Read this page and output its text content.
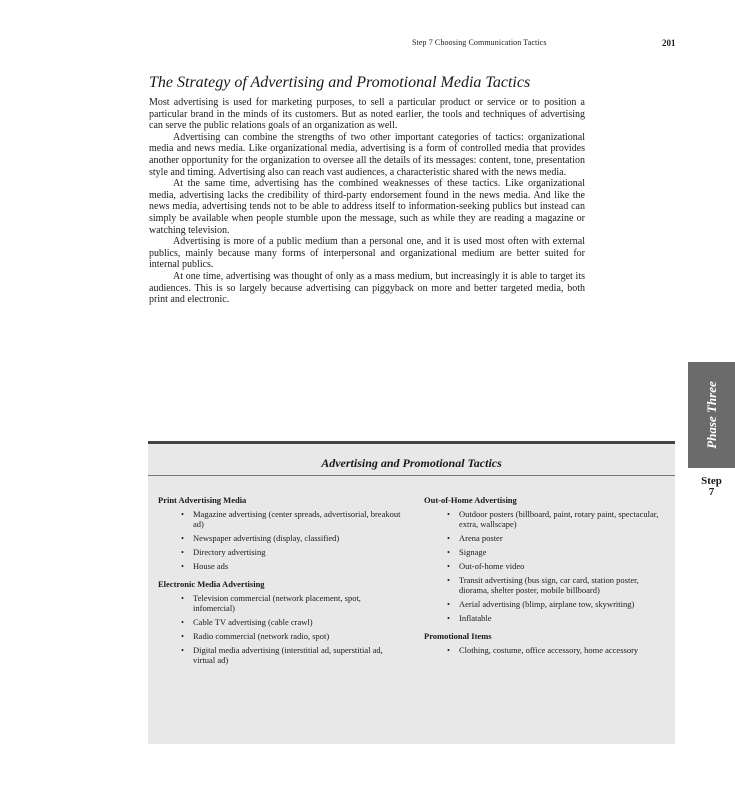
Step 7 Choosing Communication Tactics	201
The Strategy of Advertising and Promotional Media Tactics

Most advertising is used for marketing purposes, to sell a particular product or service or to position a particular brand in the minds of its customers. But as noted earlier, the tools and techniques of advertising can serve the public relations goals of an organization as well.

Advertising can combine the strengths of two other important categories of tactics: organizational media and news media. Like organizational media, advertising is a form of controlled media that provides another opportunity for the organization to oversee all the details of its messages: content, tone, presentation style and timing. Advertising also can reach vast audiences, a characteristic shared with the news media.

At the same time, advertising has the combined weaknesses of these tactics. Like organizational media, advertising lacks the credibility of third-party endorsement found in the news media. And like the news media, advertising tends not to be able to address itself to information-seeking publics but instead can simply be available when people stumble upon the message, such as while they are reading a magazine or watching television.

Advertising is more of a public medium than a personal one, and it is used most often with external publics, mainly because many forms of interpersonal and organizational medium are better suited for internal publics.

At one time, advertising was thought of only as a mass medium, but increasingly it is able to target its audiences. This is so largely because advertising can piggyback on more and better targeted media, both print and electronic.

Phase Three
Step
7
Advertising and Promotional Tactics
Print Advertising Media
• Magazine advertising (center spreads, advertisorial, breakout ad)
• Newspaper advertising (display, classified)
• Directory advertising
• House ads
Electronic Media Advertising
• Television commercial (network placement, spot, infomercial)
• Cable TV advertising (cable crawl)
• Radio commercial (network radio, spot)
• Digital media advertising (interstitial ad, superstitial ad, virtual ad)
Out-of-Home Advertising
• Outdoor posters (billboard, paint, rotary paint, spectacular, extra, wallscape)
• Arena poster
• Signage
• Out-of-home video
• Transit advertising (bus sign, car card, station poster, diorama, shelter poster, mobile billboard)
• Aerial advertising (blimp, airplane tow, skywriting)
• Inflatable
Promotional Items
• Clothing, costume, office accessory, home accessory
